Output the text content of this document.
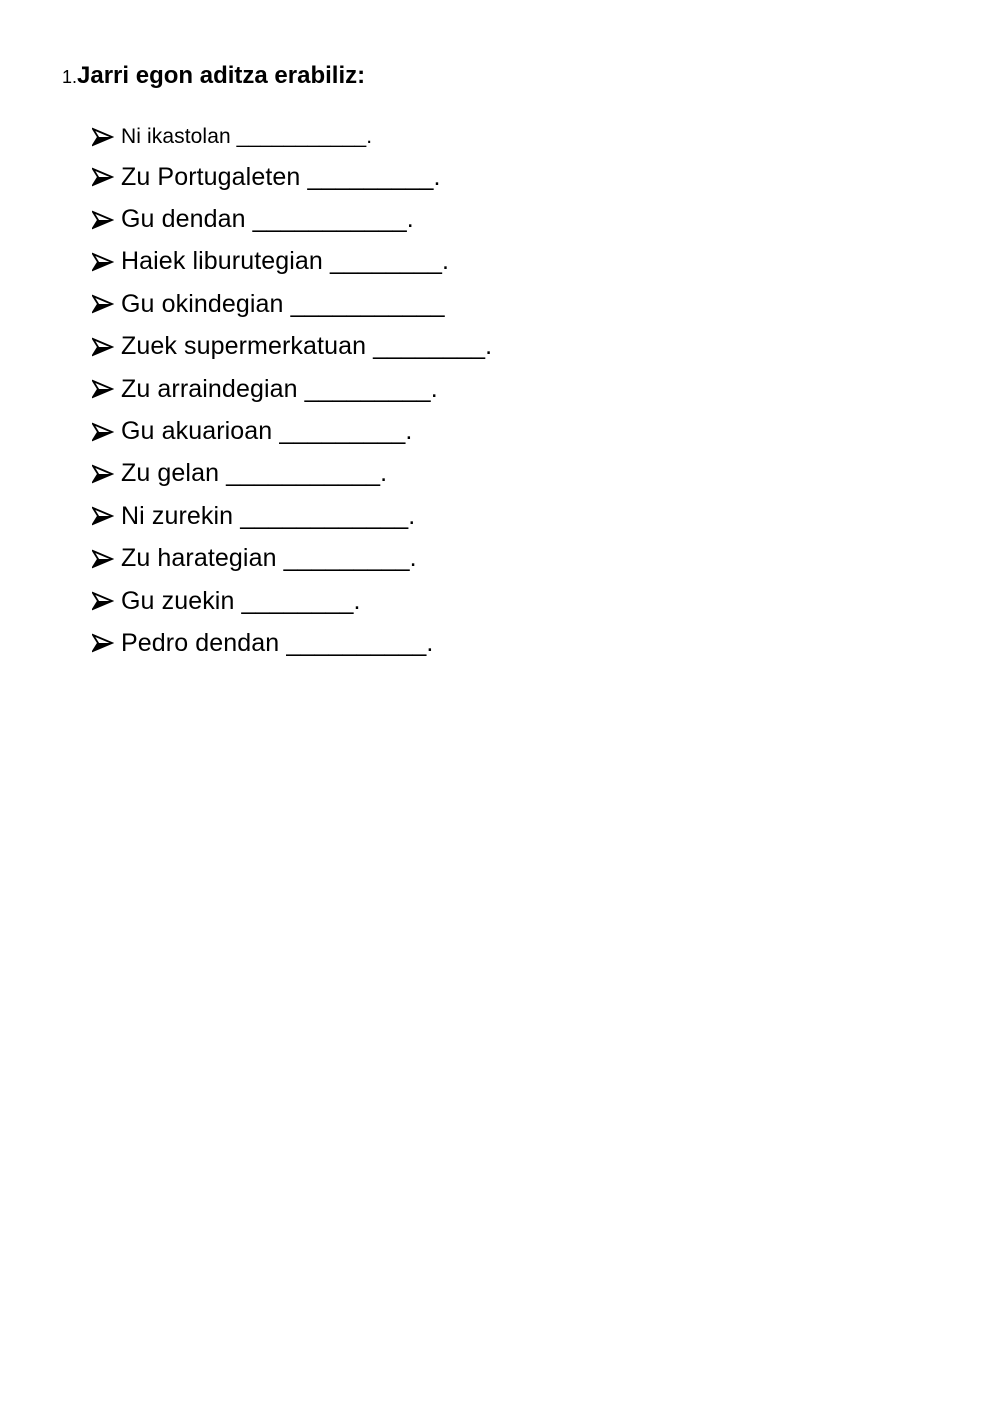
1.Jarri egon aditza erabiliz:
Ni ikastolan ___________.
Zu Portugaleten _________.
Gu dendan ___________.
Haiek liburutegian ________.
Gu okindegian ___________
Zuek supermerkatuan ________.
Zu arraindegian _________.
Gu akuarioan _________.
Zu gelan ___________.
Ni zurekin ____________.
Zu harategian _________.
Gu zuekin ________.
Pedro dendan __________.
